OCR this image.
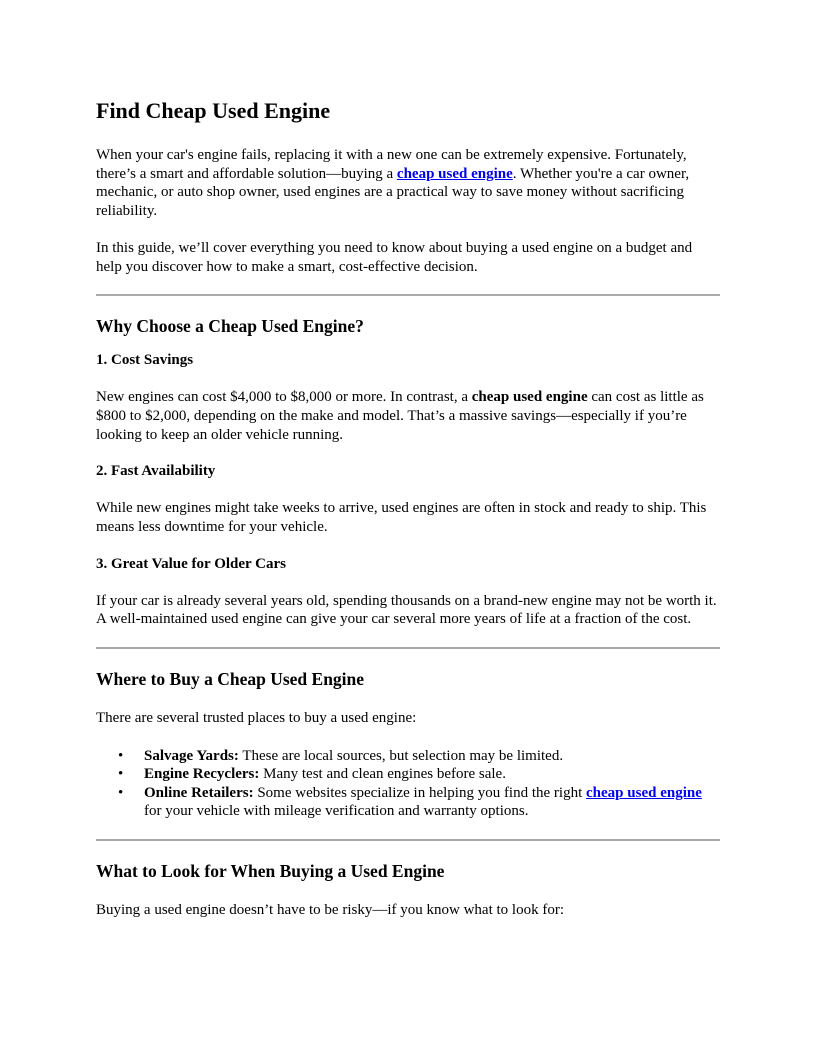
Find Cheap Used Engine

When your car's engine fails, replacing it with a new one can be extremely expensive. Fortunately, there’s a smart and affordable solution—buying a cheap used engine. Whether you're a car owner, mechanic, or auto shop owner, used engines are a practical way to save money without sacrificing reliability.

In this guide, we’ll cover everything you need to know about buying a used engine on a budget and help you discover how to make a smart, cost-effective decision.

Why Choose a Cheap Used Engine?
1. Cost Savings

New engines can cost $4,000 to $8,000 or more. In contrast, a cheap used engine can cost as little as $800 to $2,000, depending on the make and model. That’s a massive savings—especially if you’re looking to keep an older vehicle running.

2. Fast Availability

While new engines might take weeks to arrive, used engines are often in stock and ready to ship. This means less downtime for your vehicle.

3. Great Value for Older Cars

If your car is already several years old, spending thousands on a brand-new engine may not be worth it. A well-maintained used engine can give your car several more years of life at a fraction of the cost.

Where to Buy a Cheap Used Engine

There are several trusted places to buy a used engine:

• Salvage Yards: These are local sources, but selection may be limited.
• Engine Recyclers: Many test and clean engines before sale.
• Online Retailers: Some websites specialize in helping you find the right cheap used engine for your vehicle with mileage verification and warranty options.
What to Look for When Buying a Used Engine

Buying a used engine doesn’t have to be risky—if you know what to look for:
